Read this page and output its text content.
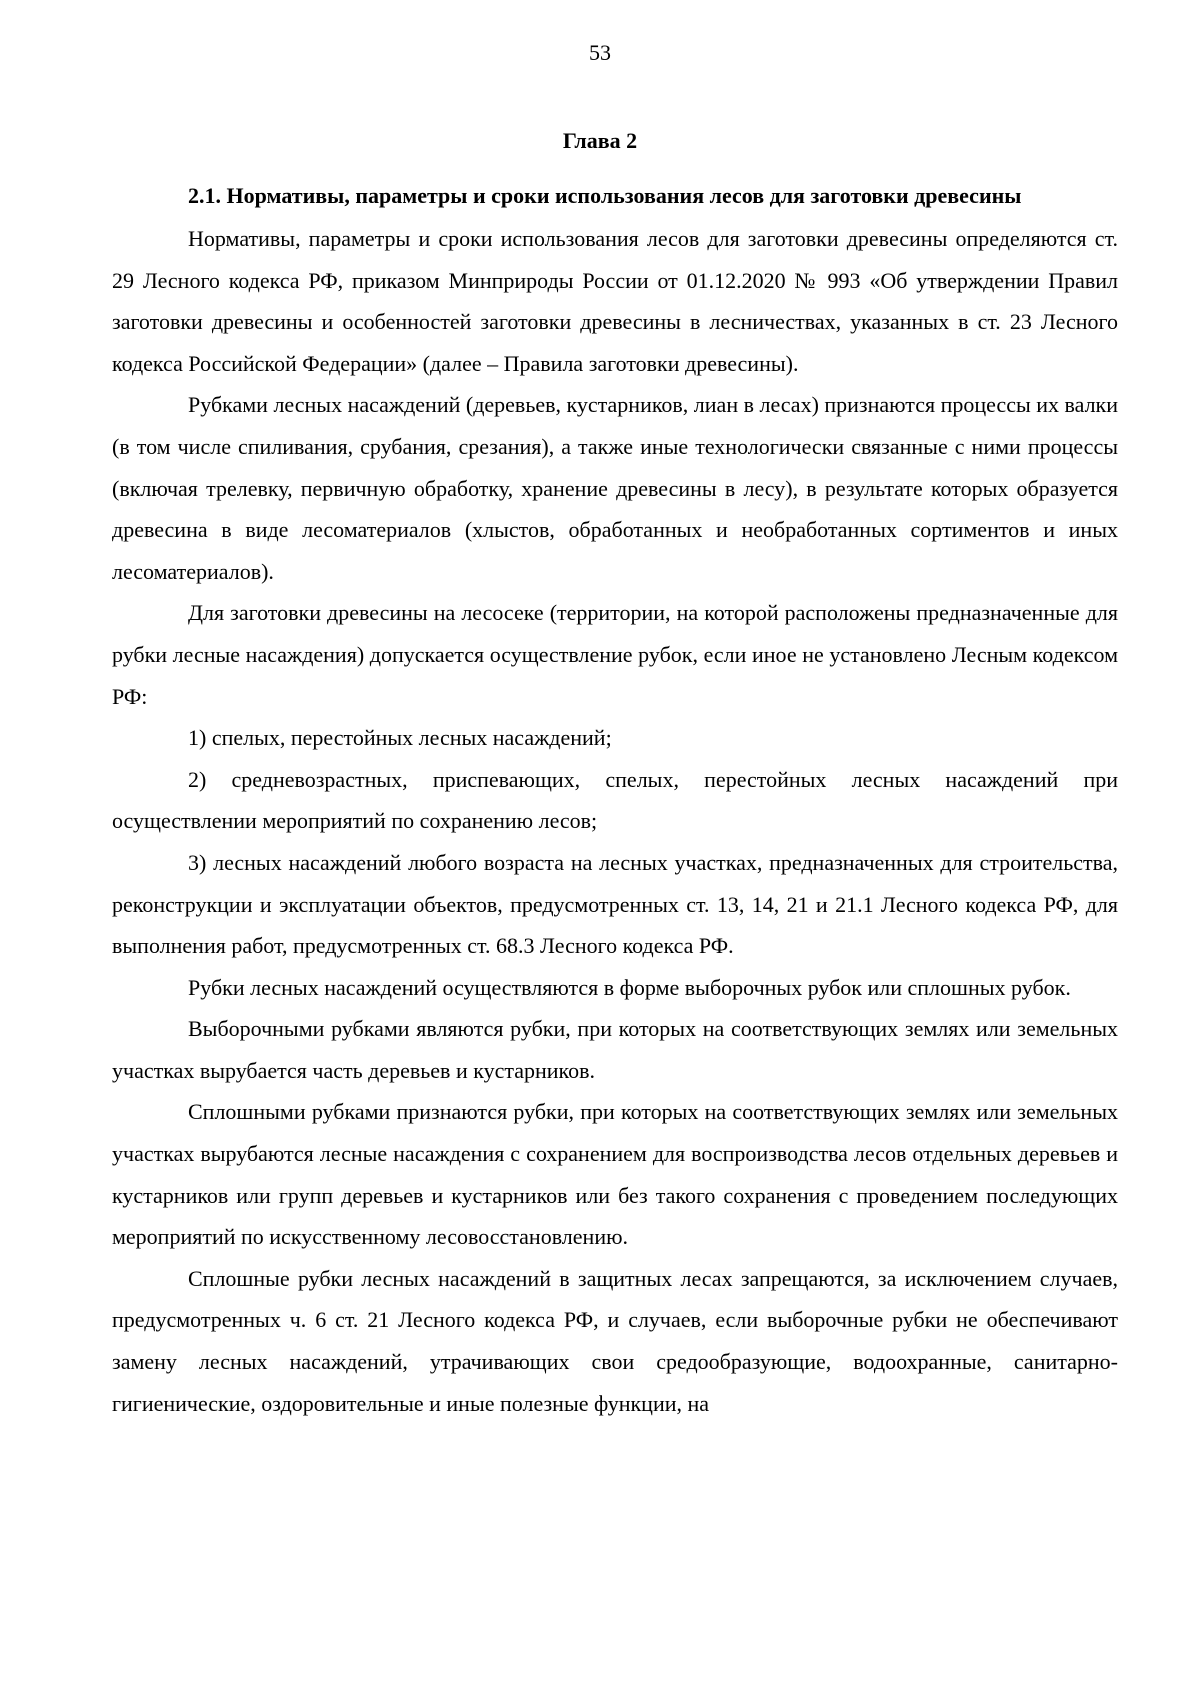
53
Глава 2
2.1. Нормативы, параметры и сроки использования лесов для заготовки древесины

Нормативы, параметры и сроки использования лесов для заготовки древесины определяются ст. 29 Лесного кодекса РФ, приказом Минприроды России от 01.12.2020 № 993 «Об утверждении Правил заготовки древесины и особенностей заготовки древесины в лесничествах, указанных в ст. 23 Лесного кодекса Российской Федерации» (далее – Правила заготовки древесины).

Рубками лесных насаждений (деревьев, кустарников, лиан в лесах) признаются процессы их валки (в том числе спиливания, срубания, срезания), а также иные технологически связанные с ними процессы (включая трелевку, первичную обработку, хранение древесины в лесу), в результате которых образуется древесина в виде лесоматериалов (хлыстов, обработанных и необработанных сортиментов и иных лесоматериалов).

Для заготовки древесины на лесосеке (территории, на которой расположены предназначенные для рубки лесные насаждения) допускается осуществление рубок, если иное не установлено Лесным кодексом РФ:

1) спелых, перестойных лесных насаждений;

2) средневозрастных, приспевающих, спелых, перестойных лесных насаждений при осуществлении мероприятий по сохранению лесов;

3) лесных насаждений любого возраста на лесных участках, предназначенных для строительства, реконструкции и эксплуатации объектов, предусмотренных ст. 13, 14, 21 и 21.1 Лесного кодекса РФ, для выполнения работ, предусмотренных ст. 68.3 Лесного кодекса РФ.

Рубки лесных насаждений осуществляются в форме выборочных рубок или сплошных рубок.

Выборочными рубками являются рубки, при которых на соответствующих землях или земельных участках вырубается часть деревьев и кустарников.

Сплошными рубками признаются рубки, при которых на соответствующих землях или земельных участках вырубаются лесные насаждения с сохранением для воспроизводства лесов отдельных деревьев и кустарников или групп деревьев и кустарников или без такого сохранения с проведением последующих мероприятий по искусственному лесовосстановлению.

Сплошные рубки лесных насаждений в защитных лесах запрещаются, за исключением случаев, предусмотренных ч. 6 ст. 21 Лесного кодекса РФ, и случаев, если выборочные рубки не обеспечивают замену лесных насаждений, утрачивающих свои средообразующие, водоохранные, санитарно-гигиенические, оздоровительные и иные полезные функции, на
